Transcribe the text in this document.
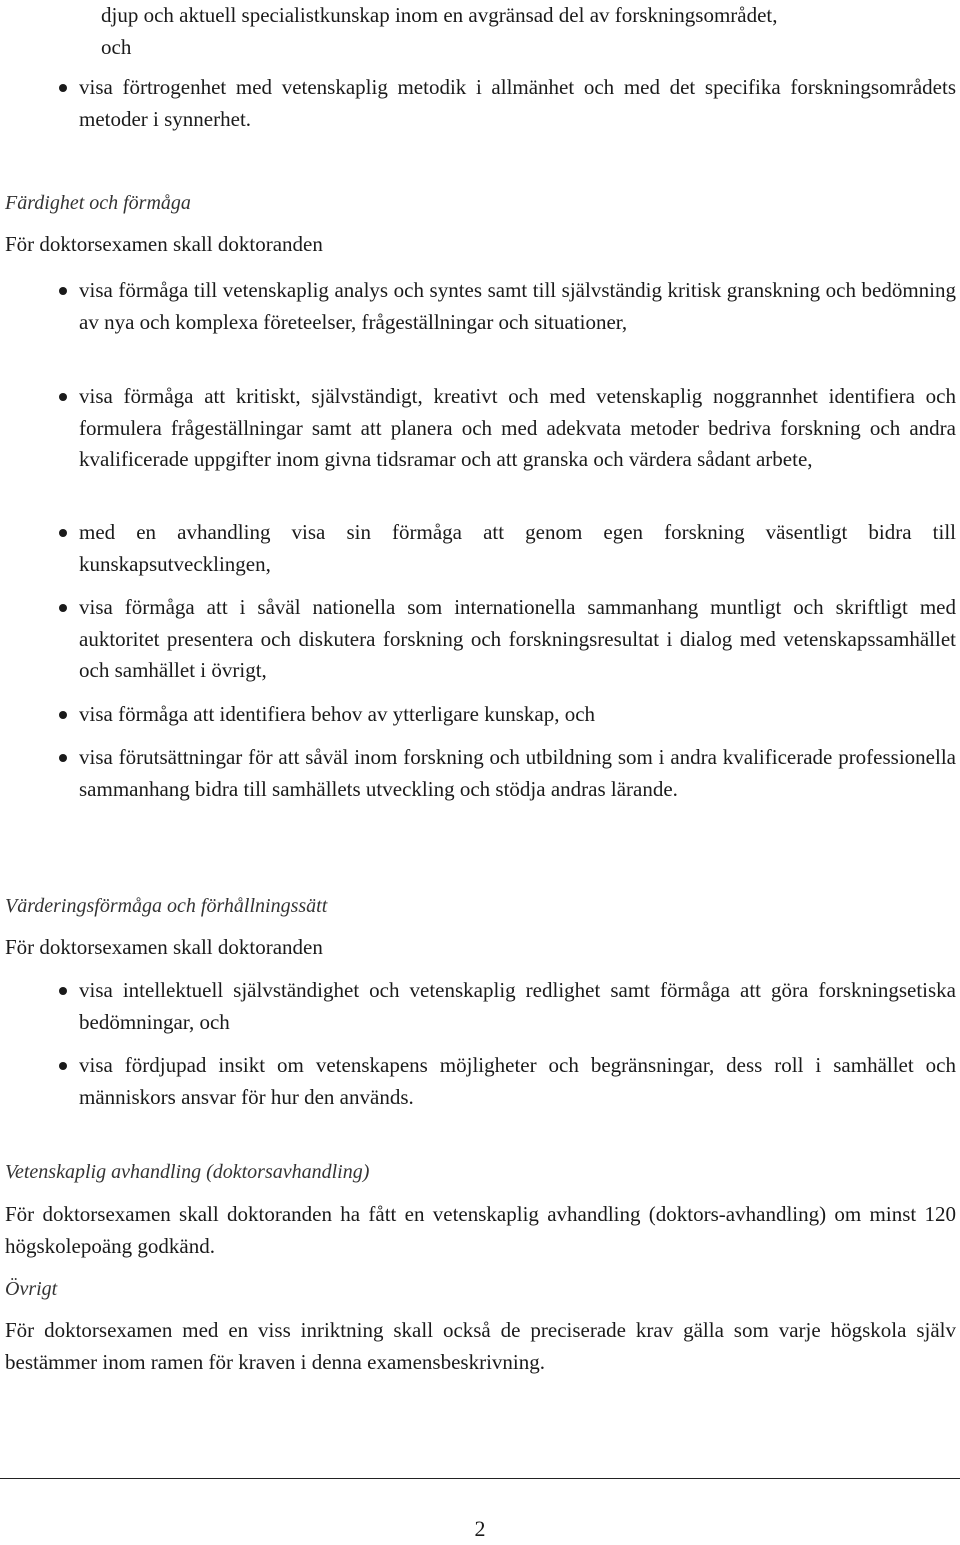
djup och aktuell specialistkunskap inom en avgränsad del av forskningsområdet,
och
visa förtrogenhet med vetenskaplig metodik i allmänhet och med det specifika forskningsområdets metoder i synnerhet.
Färdighet och förmåga
För doktorsexamen skall doktoranden
visa förmåga till vetenskaplig analys och syntes samt till självständig kritisk granskning och bedömning av nya och komplexa företeelser, frågeställningar och situationer,
visa förmåga att kritiskt, självständigt, kreativt och med vetenskaplig noggrannhet identifiera och formulera frågeställningar samt att planera och med adekvata metoder bedriva forskning och andra kvalificerade uppgifter inom givna tidsramar och att granska och värdera sådant arbete,
med en avhandling visa sin förmåga att genom egen forskning väsentligt bidra till kunskapsutvecklingen,
visa förmåga att i såväl nationella som internationella sammanhang muntligt och skriftligt med auktoritet presentera och diskutera forskning och forskningsresultat i dialog med vetenskapssamhället och samhället i övrigt,
visa förmåga att identifiera behov av ytterligare kunskap, och
visa förutsättningar för att såväl inom forskning och utbildning som i andra kvalificerade professionella sammanhang bidra till samhällets utveckling och stödja andras lärande.
Värderingsförmåga och förhållningssätt
För doktorsexamen skall doktoranden
visa intellektuell självständighet och vetenskaplig redlighet samt förmåga att göra forskningsetiska bedömningar, och
visa fördjupad insikt om vetenskapens möjligheter och begränsningar, dess roll i samhället och människors ansvar för hur den används.
Vetenskaplig avhandling (doktorsavhandling)
För doktorsexamen skall doktoranden ha fått en vetenskaplig avhandling (doktors-avhandling) om minst 120 högskolepoäng godkänd.
Övrigt
För doktorsexamen med en viss inriktning skall också de preciserade krav gälla som varje högskola själv bestämmer inom ramen för kraven i denna examensbeskrivning.
2
